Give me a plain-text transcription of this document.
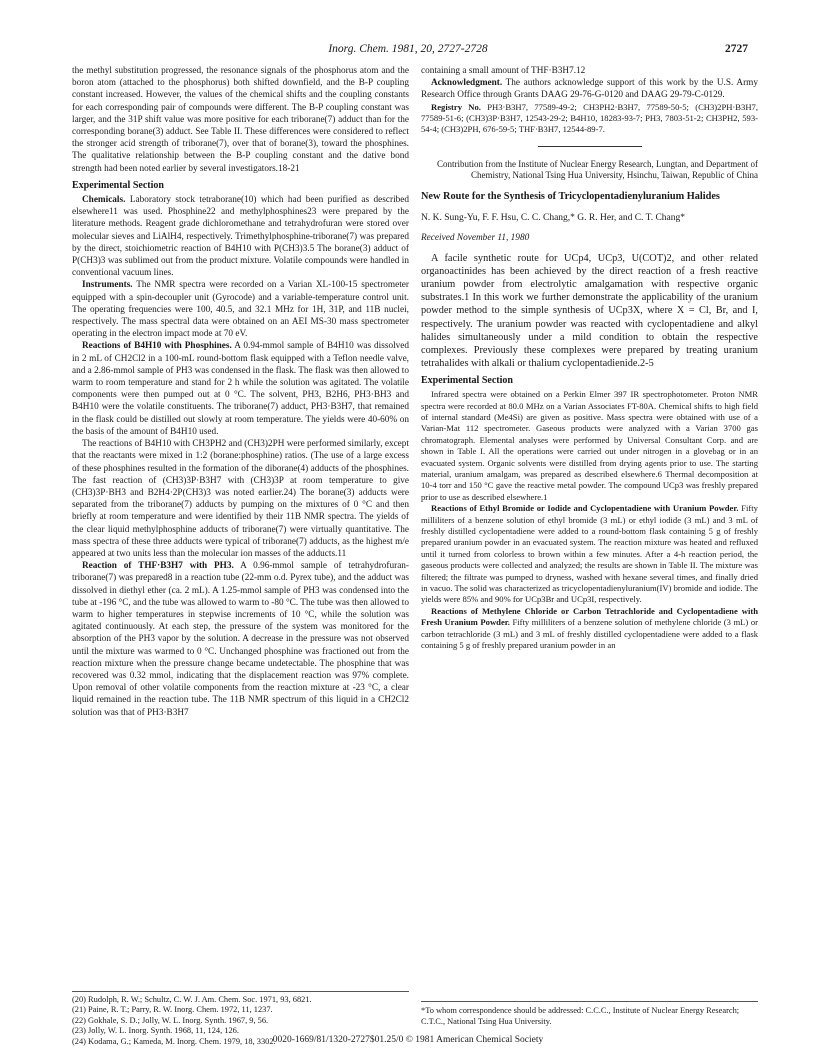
Inorg. Chem. 1981, 20, 2727-2728	2727

the methyl substitution progressed, the resonance signals of the phosphorus atom and the boron atom (attached to the phosphorus) both shifted downfield, and the B-P coupling constant increased. However, the values of the chemical shifts and the coupling constants for each corresponding pair of compounds were different. The B-P coupling constant was larger, and the 31P shift value was more positive for each triborane(7) adduct than for the corresponding borane(3) adduct. See Table II. These differences were considered to reflect the stronger acid strength of triborane(7), over that of borane(3), toward the phosphines. The qualitative relationship between the B-P coupling constant and the dative bond strength had been noted earlier by several investigators.18-21

Experimental Section

Chemicals. Laboratory stock tetraborane(10) which had been purified as described elsewhere11 was used. Phosphine22 and methylphosphines23 were prepared by the literature methods. Reagent grade dichloromethane and tetrahydrofuran were stored over molecular sieves and LiAlH4, respectively. Trimethylphosphine-triborane(7) was prepared by the direct, stoichiometric reaction of B4H10 with P(CH3)3.5 The borane(3) adduct of P(CH3)3 was sublimed out from the product mixture. Volatile compounds were handled in conventional vacuum lines.

Instruments. The NMR spectra were recorded on a Varian XL-100-15 spectrometer equipped with a spin-decoupler unit (Gyrocode) and a variable-temperature control unit. The operating frequencies were 100, 40.5, and 32.1 MHz for 1H, 31P, and 11B nuclei, respectively. The mass spectral data were obtained on an AEI MS-30 mass spectrometer operating in the electron impact mode at 70 eV.

Reactions of B4H10 with Phosphines. A 0.94-mmol sample of B4H10 was dissolved in 2 mL of CH2Cl2 in a 100-mL round-bottom flask equipped with a Teflon needle valve, and a 2.86-mmol sample of PH3 was condensed in the flask. The flask was then allowed to warm to room temperature and stand for 2 h while the solution was agitated. The volatile components were then pumped out at 0 °C. The solvent, PH3, B2H6, PH3·BH3 and B4H10 were the volatile constituents. The triborane(7) adduct, PH3·B3H7, that remained in the flask could be distilled out slowly at room temperature. The yields were 40-60% on the basis of the amount of B4H10 used.

The reactions of B4H10 with CH3PH2 and (CH3)2PH were performed similarly, except that the reactants were mixed in 1:2 (borane:phosphine) ratios. (The use of a large excess of these phosphines resulted in the formation of the diborane(4) adducts of the phosphines. The fast reaction of (CH3)3P·B3H7 with (CH3)3P at room temperature to give (CH3)3P·BH3 and B2H4·2P(CH3)3 was noted earlier.24) The borane(3) adducts were separated from the triborane(7) adducts by pumping on the mixtures of 0 °C and then briefly at room temperature and were identified by their 11B NMR spectra. The yields of the clear liquid methylphosphine adducts of triborane(7) were virtually quantitative. The mass spectra of these three adducts were typical of triborane(7) adducts, as the highest m/e appeared at two units less than the molecular ion masses of the adducts.11

Reaction of THF·B3H7 with PH3. A 0.96-mmol sample of tetrahydrofuran-triborane(7) was prepared8 in a reaction tube (22-mm o.d. Pyrex tube), and the adduct was dissolved in diethyl ether (ca. 2 mL). A 1.25-mmol sample of PH3 was condensed into the tube at -196 °C, and the tube was allowed to warm to -80 °C. The tube was then allowed to warm to higher temperatures in stepwise increments of 10 °C, while the solution was agitated continuously. At each step, the pressure of the system was monitored for the absorption of the PH3 vapor by the solution. A decrease in the pressure was not observed until the mixture was warmed to 0 °C. Unchanged phosphine was fractioned out from the reaction mixture when the pressure change became undetectable. The phosphine that was recovered was 0.32 mmol, indicating that the displacement reaction was 97% complete. Upon removal of other volatile components from the reaction mixture at -23 °C, a clear liquid remained in the reaction tube. The 11B NMR spectrum of this liquid in a CH2Cl2 solution was that of PH3·B3H7

(20) Rudolph, R. W.; Schultz, C. W. J. Am. Chem. Soc. 1971, 93, 6821.
(21) Paine, R. T.; Parry, R. W. Inorg. Chem. 1972, 11, 1237.
(22) Gokhale, S. D.; Jolly, W. L. Inorg. Synth. 1967, 9, 56.
(23) Jolly, W. L. Inorg. Synth. 1968, 11, 124, 126.
(24) Kodama, G.; Kameda, M. Inorg. Chem. 1979, 18, 3302.

containing a small amount of THF·B3H7.12

Acknowledgment. The authors acknowledge support of this work by the U.S. Army Research Office through Grants DAAG 29-76-G-0120 and DAAG 29-79-C-0129.

Registry No. PH3·B3H7, 77589-49-2; CH3PH2·B3H7, 77589-50-5; (CH3)2PH·B3H7, 77589-51-6; (CH3)3P·B3H7, 12543-29-2; B4H10, 18283-93-7; PH3, 7803-51-2; CH3PH2, 593-54-4; (CH3)2PH, 676-59-5; THF·B3H7, 12544-89-7.

Contribution from the Institute of Nuclear Energy Research, Lungtan, and Department of Chemistry, National Tsing Hua University, Hsinchu, Taiwan, Republic of China
New Route for the Synthesis of Tricyclopentadienyluranium Halides
N. K. Sung-Yu, F. F. Hsu, C. C. Chang,* G. R. Her, and C. T. Chang*
Received November 11, 1980

A facile synthetic route for UCp4, UCp3, U(COT)2, and other related organoactinides has been achieved by the direct reaction of a fresh reactive uranium powder from electrolytic amalgamation with respective organic substrates.1 In this work we further demonstrate the applicability of the uranium powder method to the simple synthesis of UCp3X, where X = Cl, Br, and I, respectively. The uranium powder was reacted with cyclopentadiene and alkyl halides simultaneously under a mild condition to obtain the respective complexes. Previously these complexes were prepared by treating uranium tetrahalides with alkali or thalium cyclopentadienide.2-5

Experimental Section

Infrared spectra were obtained on a Perkin Elmer 397 IR spectrophotometer. Proton NMR spectra were recorded at 80.0 MHz on a Varian Associates FT-80A. Chemical shifts to high field of internal standard (Me4Si) are given as positive. Mass spectra were obtained with use of a Varian-Mat 112 spectrometer. Gaseous products were analyzed with a Varian 3700 gas chromatograph. Elemental analyses were performed by Universal Consultant Corp. and are shown in Table I. All the operations were carried out under nitrogen in a glovebag or in an evacuated system. Organic solvents were distilled from drying agents prior to use. The starting material, uranium amalgam, was prepared as described elsewhere.6 Thermal decomposition at 10-4 torr and 150 °C gave the reactive metal powder. The compound UCp3 was freshly prepared prior to use as described elsewhere.1

Reactions of Ethyl Bromide or Iodide and Cyclopentadiene with Uranium Powder. Fifty milliliters of a benzene solution of ethyl bromide (3 mL) or ethyl iodide (3 mL) and 3 mL of freshly distilled cyclopentadiene were added to a round-bottom flask containing 5 g of freshly prepared uranium powder in an evacuated system. The reaction mixture was heated and refluxed until it turned from colorless to brown within a few minutes. After a 4-h reaction period, the gaseous products were collected and analyzed; the results are shown in Table II. The mixture was filtered; the filtrate was pumped to dryness, washed with hexane several times, and finally dried in vacuo. The solid was characterized as tricyclopentadienyluranium(IV) bromide and iodide. The yields were 85% and 90% for UCp3Br and UCp3I, respectively.

Reactions of Methylene Chloride or Carbon Tetrachloride and Cyclopentadiene with Fresh Uranium Powder. Fifty milliliters of a benzene solution of methylene chloride (3 mL) or carbon tetrachloride (3 mL) and 3 mL of freshly distilled cyclopentadiene were added to a flask containing 5 g of freshly prepared uranium powder in an

*To whom correspondence should be addressed: C.C.C., Institute of Nuclear Energy Research; C.T.C., National Tsing Hua University.
0020-1669/81/1320-2727$01.25/0 © 1981 American Chemical Society
